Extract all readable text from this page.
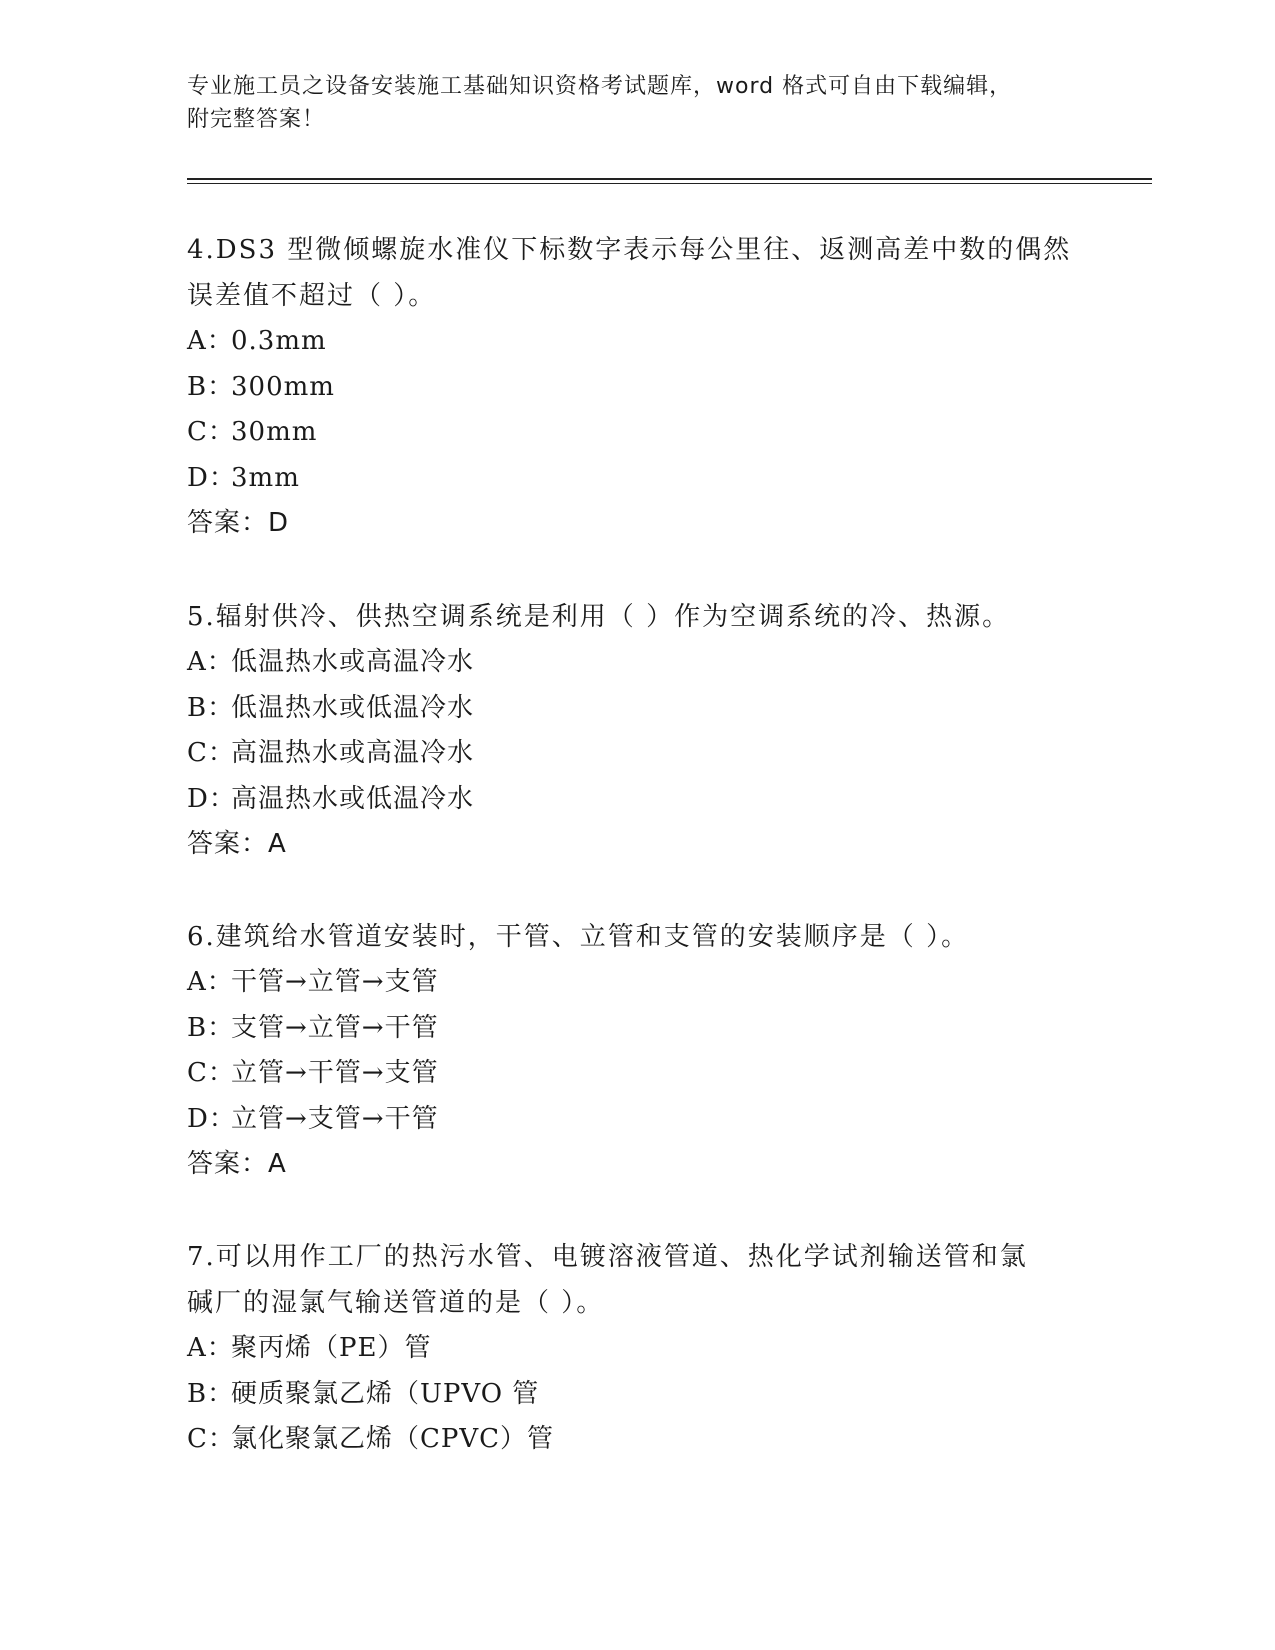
专业施工员之设备安装施工基础知识资格考试题库，word 格式可自由下载编辑，
附完整答案！

4.DS3 型微倾螺旋水准仪下标数字表示每公里往、返测高差中数的偶然

误差值不超过（ ）。

A：0.3mm

B：300mm

C：30mm

D：3mm

答案：D

5.辐射供冷、供热空调系统是利用（ ）作为空调系统的冷、热源。

A：低温热水或高温冷水

B：低温热水或低温冷水

C：高温热水或高温冷水

D：高温热水或低温冷水

答案：A

6.建筑给水管道安装时，干管、立管和支管的安装顺序是（ ）。

A：干管→立管→支管

B：支管→立管→干管

C：立管→干管→支管

D：立管→支管→干管

答案：A

7.可以用作工厂的热污水管、电镀溶液管道、热化学试剂输送管和氯

碱厂的湿氯气输送管道的是（ ）。

A：聚丙烯（PE）管

B：硬质聚氯乙烯（UPVO 管

C：氯化聚氯乙烯（CPVC）管
